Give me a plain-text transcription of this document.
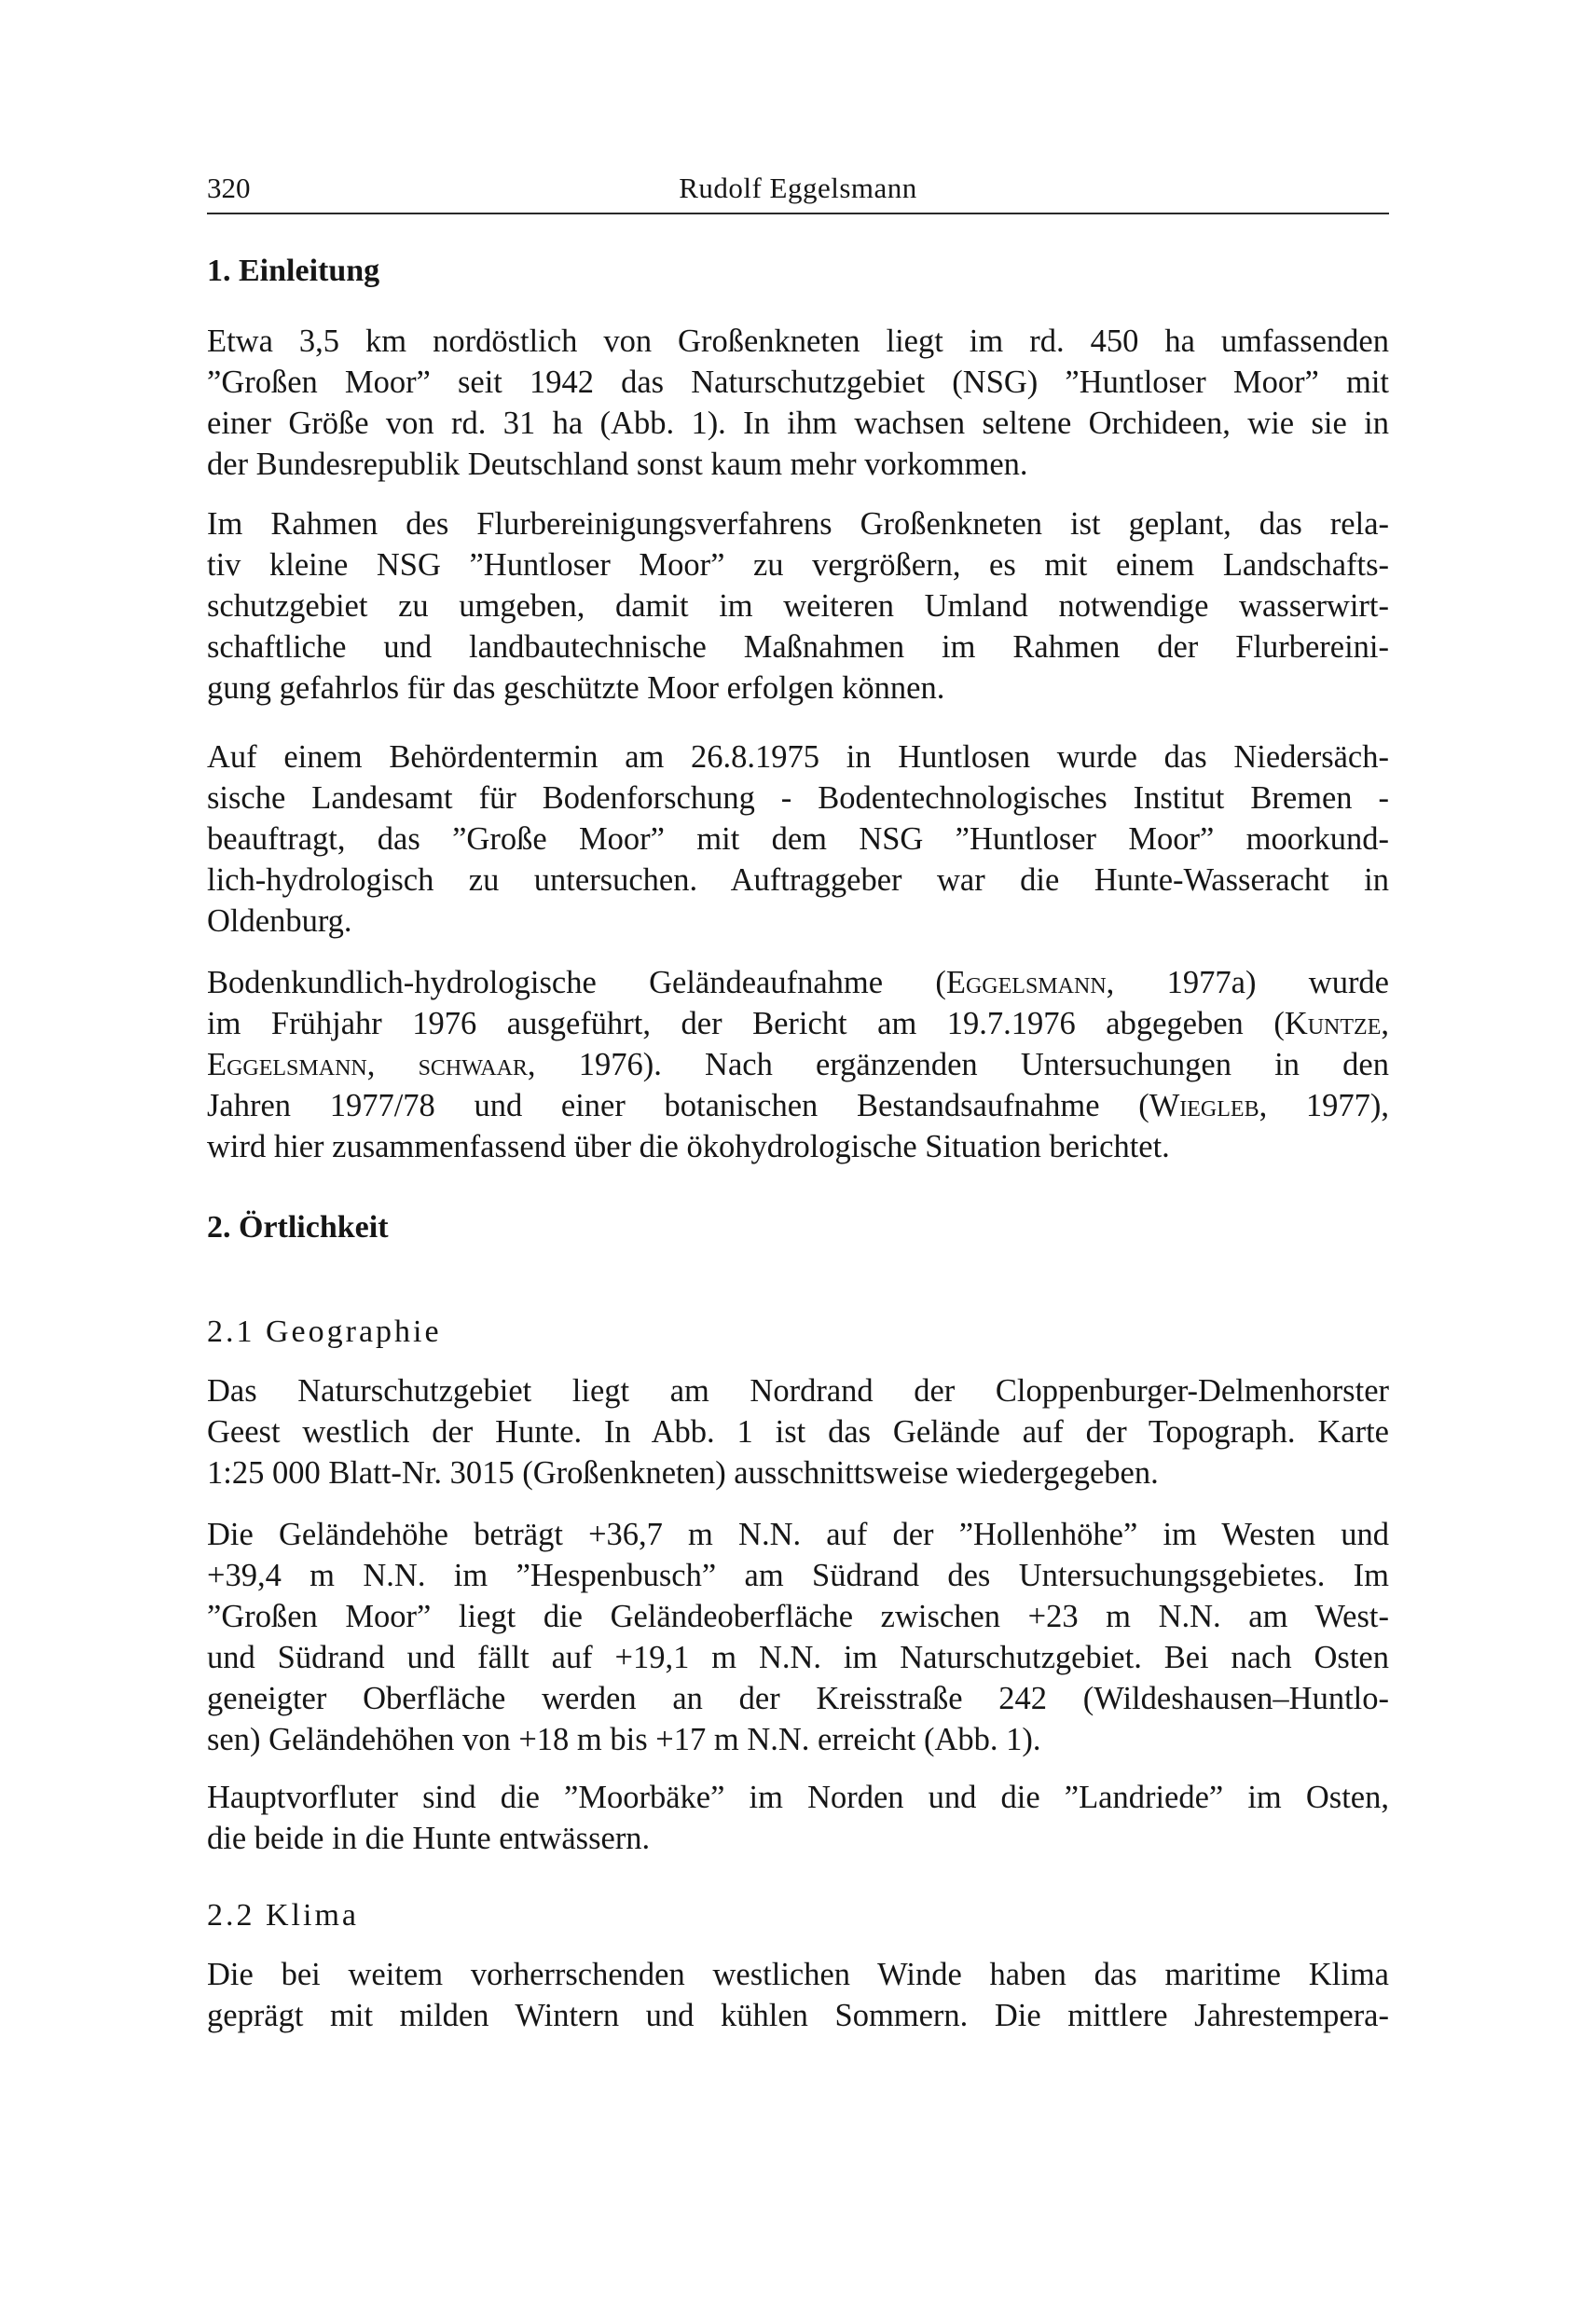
320	Rudolf Eggelsmann
1. Einleitung
Etwa 3,5 km nordöstlich von Großenkneten liegt im rd. 450 ha umfassenden
”Großen Moor” seit 1942 das Naturschutzgebiet (NSG) ”Huntloser Moor” mit
einer Größe von rd. 31 ha (Abb. 1). In ihm wachsen seltene Orchideen, wie sie in
der Bundesrepublik Deutschland sonst kaum mehr vorkommen.
Im Rahmen des Flurbereinigungsverfahrens Großenkneten ist geplant, das rela-
tiv kleine NSG ”Huntloser Moor” zu vergrößern, es mit einem Landschafts-
schutzgebiet zu umgeben, damit im weiteren Umland notwendige wasserwirt-
schaftliche und landbautechnische Maßnahmen im Rahmen der Flurbereini-
gung gefahrlos für das geschützte Moor erfolgen können.
Auf einem Behördentermin am 26.8.1975 in Huntlosen wurde das Niedersäch-
sische Landesamt für Bodenforschung - Bodentechnologisches Institut Bremen -
beauftragt, das ”Große Moor” mit dem NSG ”Huntloser Moor” moorkund-
lich-hydrologisch zu untersuchen. Auftraggeber war die Hunte-Wasseracht in
Oldenburg.
Bodenkundlich-hydrologische Geländeaufnahme (Eggelsmann, 1977a) wurde
im Frühjahr 1976 ausgeführt, der Bericht am 19.7.1976 abgegeben (Kuntze,
Eggelsmann, schwaar, 1976). Nach ergänzenden Untersuchungen in den
Jahren 1977/78 und einer botanischen Bestandsaufnahme (Wiegleb, 1977),
wird hier zusammenfassend über die ökohydrologische Situation berichtet.
2. Örtlichkeit
2.1 Geographie
Das Naturschutzgebiet liegt am Nordrand der Cloppenburger-Delmenhorster
Geest westlich der Hunte. In Abb. 1 ist das Gelände auf der Topograph. Karte
1:25 000 Blatt-Nr. 3015 (Großenkneten) ausschnittsweise wiedergegeben.
Die Geländehöhe beträgt +36,7 m N.N. auf der ”Hollenhöhe” im Westen und
+39,4 m N.N. im ”Hespenbusch” am Südrand des Untersuchungsgebietes. Im
”Großen Moor” liegt die Geländeoberfläche zwischen +23 m N.N. am West-
und Südrand und fällt auf +19,1 m N.N. im Naturschutzgebiet. Bei nach Osten
geneigter Oberfläche werden an der Kreisstraße 242 (Wildeshausen–Huntlo-
sen) Geländehöhen von +18 m bis +17 m N.N. erreicht (Abb. 1).
Hauptvorfluter sind die ”Moorbäke” im Norden und die ”Landriede” im Osten,
die beide in die Hunte entwässern.
2.2 Klima
Die bei weitem vorherrschenden westlichen Winde haben das maritime Klima
geprägt mit milden Wintern und kühlen Sommern. Die mittlere Jahrestempera-
